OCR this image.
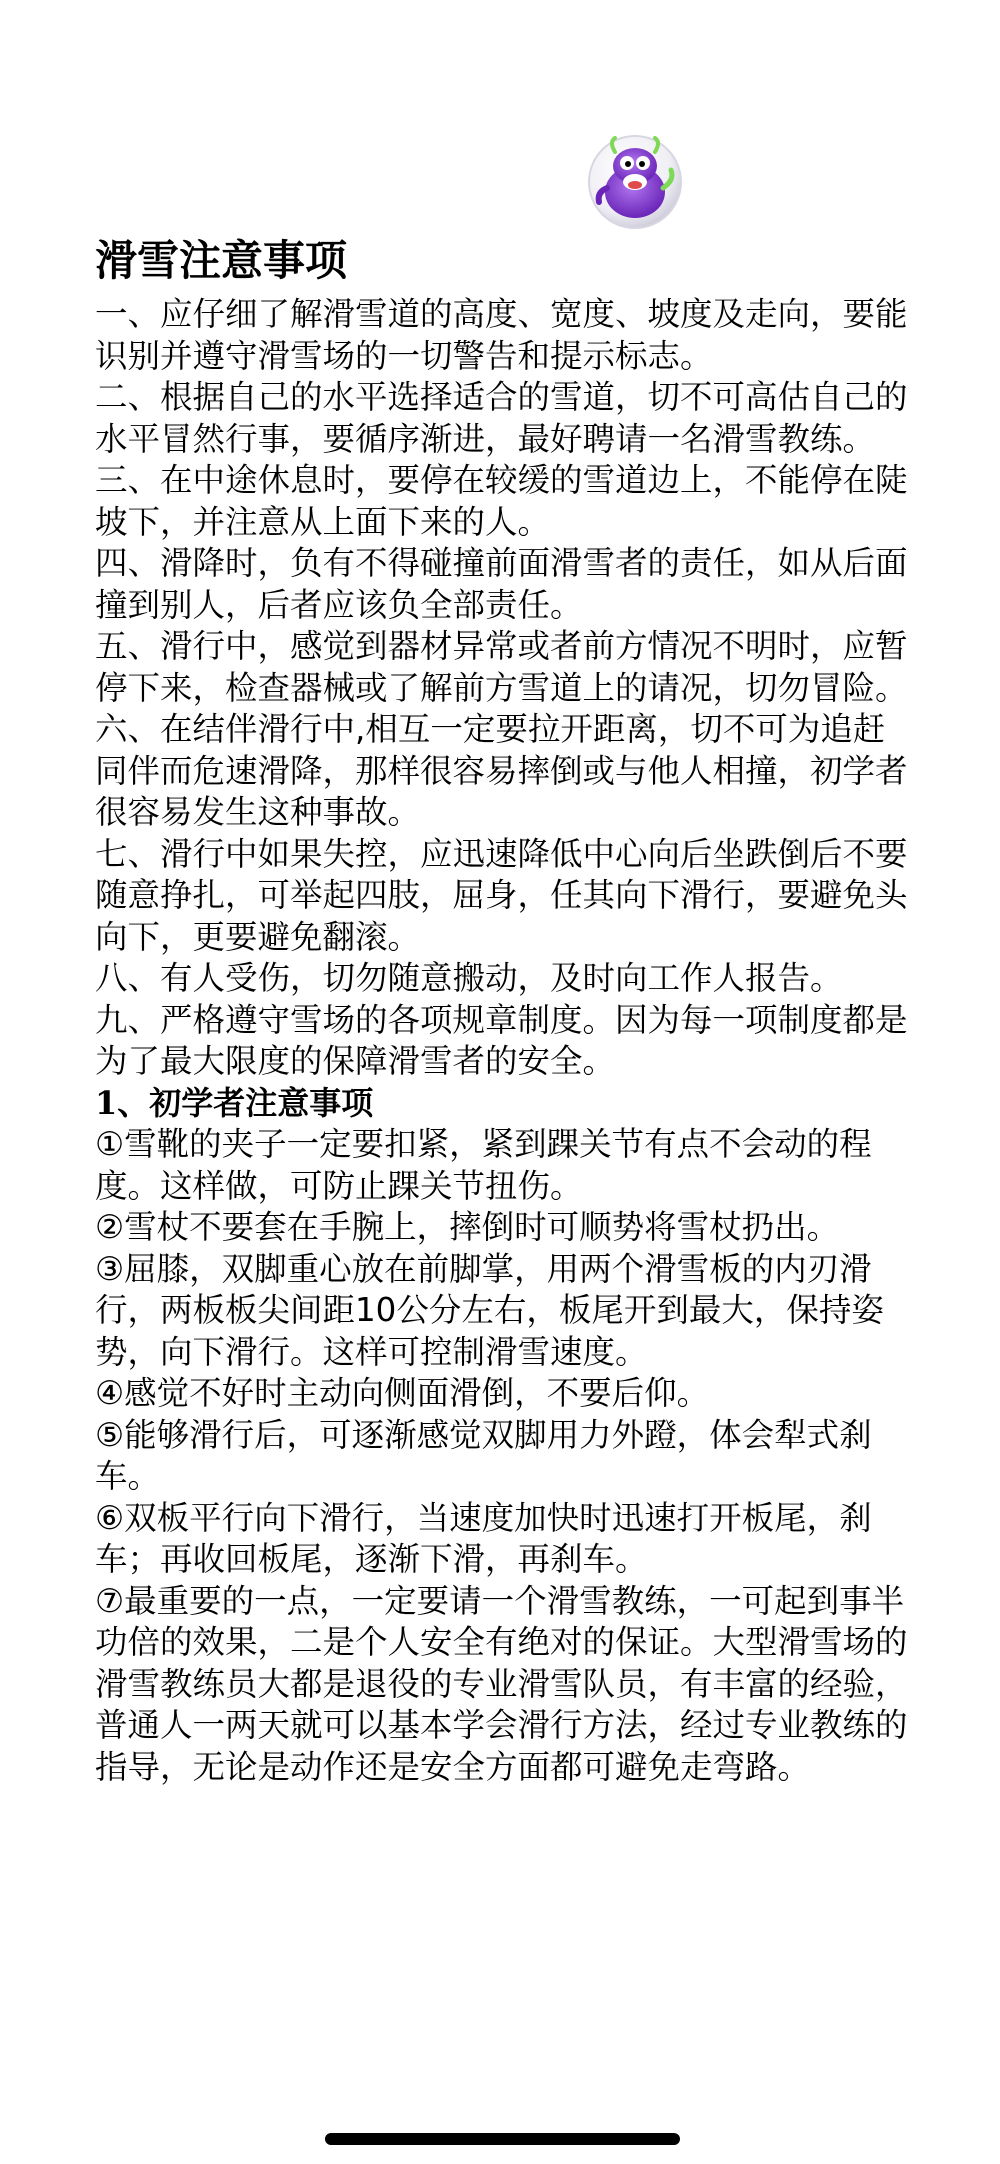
滑雪注意事项

一、应仔细了解滑雪道的高度、宽度、坡度及走向，要能识别并遵守滑雪场的一切警告和提示标志。

二、根据自己的水平选择适合的雪道，切不可高估自己的水平冒然行事，要循序渐进，最好聘请一名滑雪教练。

三、在中途休息时，要停在较缓的雪道边上，不能停在陡坡下，并注意从上面下来的人。

四、滑降时，负有不得碰撞前面滑雪者的责任，如从后面撞到别人，后者应该负全部责任。

五、滑行中，感觉到器材异常或者前方情况不明时，应暂停下来，检查器械或了解前方雪道上的请况，切勿冒险。

六、在结伴滑行中,相互一定要拉开距离，切不可为追赶同伴而危速滑降，那样很容易摔倒或与他人相撞，初学者很容易发生这种事故。

七、滑行中如果失控，应迅速降低中心向后坐跌倒后不要随意挣扎，可举起四肢，屈身，任其向下滑行，要避免头向下，更要避免翻滚。

八、有人受伤，切勿随意搬动，及时向工作人报告。

九、严格遵守雪场的各项规章制度。因为每一项制度都是为了最大限度的保障滑雪者的安全。

1、初学者注意事项

①雪靴的夹子一定要扣紧，紧到踝关节有点不会动的程度。这样做，可防止踝关节扭伤。

②雪杖不要套在手腕上，摔倒时可顺势将雪杖扔出。

③屈膝，双脚重心放在前脚掌，用两个滑雪板的内刃滑行，两板板尖间距10公分左右，板尾开到最大，保持姿势，向下滑行。这样可控制滑雪速度。

④感觉不好时主动向侧面滑倒，不要后仰。

⑤能够滑行后，可逐渐感觉双脚用力外蹬，体会犁式刹车。

⑥双板平行向下滑行，当速度加快时迅速打开板尾，刹车；再收回板尾，逐渐下滑，再刹车。

⑦最重要的一点，一定要请一个滑雪教练，一可起到事半功倍的效果，二是个人安全有绝对的保证。大型滑雪场的滑雪教练员大都是退役的专业滑雪队员，有丰富的经验，普通人一两天就可以基本学会滑行方法，经过专业教练的指导，无论是动作还是安全方面都可避免走弯路。
